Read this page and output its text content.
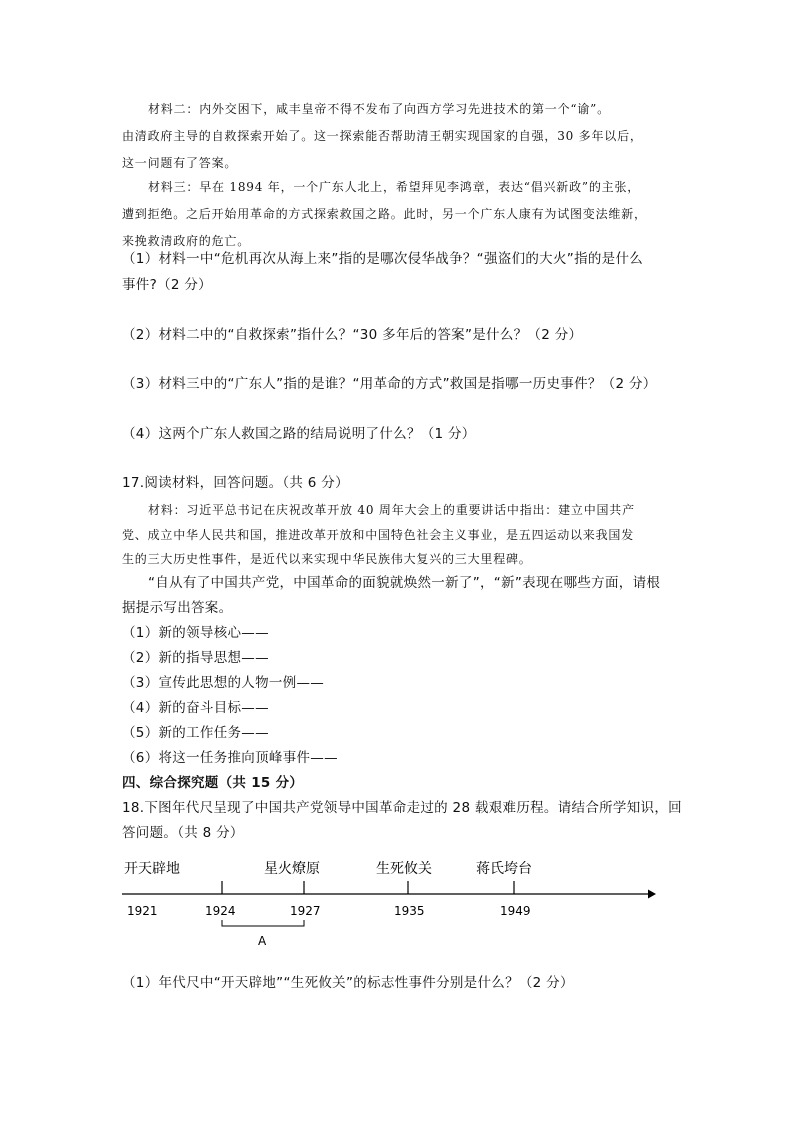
材料二：内外交困下，咸丰皇帝不得不发布了向西方学习先进技术的第一个“谕”。
由清政府主导的自救探索开始了。这一探索能否帮助清王朝实现国家的自强，30 多年以后，
这一问题有了答案。
材料三：早在 1894 年，一个广东人北上，希望拜见李鸿章，表达“倡兴新政”的主张，
遭到拒绝。之后开始用革命的方式探索救国之路。此时，另一个广东人康有为试图变法维新，
来挽救清政府的危亡。
（1）材料一中“危机再次从海上来”指的是哪次侵华战争？“强盗们的大火”指的是什么
事件?（2 分）
（2）材料二中的“自救探索”指什么？“30 多年后的答案”是什么？（2 分）
（3）材料三中的“广东人”指的是谁？“用革命的方式”救国是指哪一历史事件？（2 分）
（4）这两个广东人救国之路的结局说明了什么？（1 分）
17.阅读材料，回答问题。（共 6 分）
材料：习近平总书记在庆祝改革开放 40 周年大会上的重要讲话中指出：建立中国共产
党、成立中华人民共和国，推进改革开放和中国特色社会主义事业，是五四运动以来我国发
生的三大历史性事件，是近代以来实现中华民族伟大复兴的三大里程碑。
“自从有了中国共产党，中国革命的面貌就焕然一新了”，“新”表现在哪些方面，请根
据提示写出答案。
（1）新的领导核心——
（2）新的指导思想——
（3）宣传此思想的人物一例——
（4）新的奋斗目标——
（5）新的工作任务——
（6）将这一任务推向顶峰事件——
四、综合探究题（共 15 分）
18.下图年代尺呈现了中国共产党领导中国革命走过的 28 载艰难历程。请结合所学知识，回
答问题。（共 8 分）
开天辟地	星火燎原	生死攸关	蒋氏垮台
1921	1924	1927	1935	1949
A
（1）年代尺中“开天辟地”“生死攸关”的标志性事件分别是什么？（2 分）
